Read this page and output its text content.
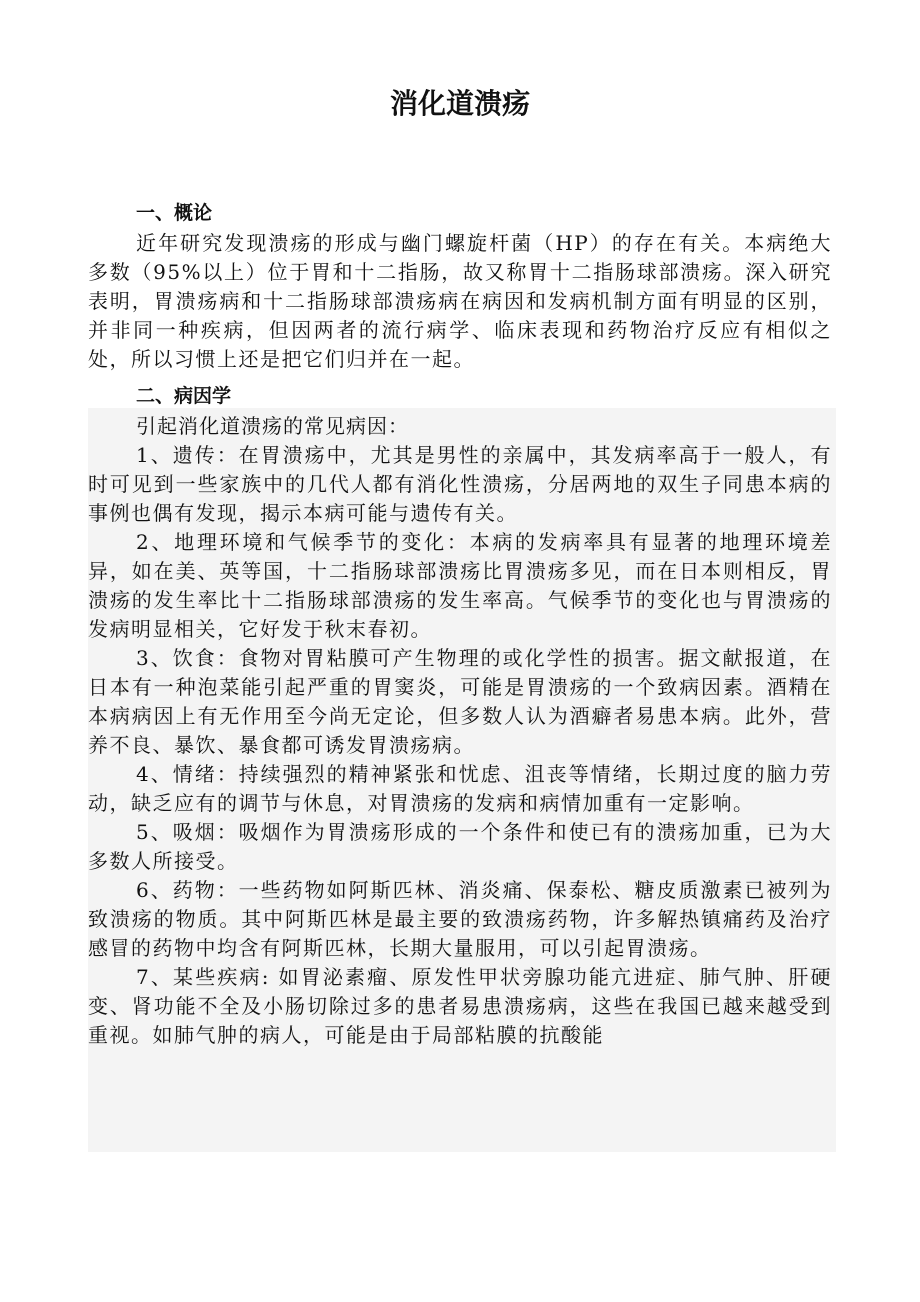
消化道溃疡
一、概论

近年研究发现溃疡的形成与幽门螺旋杆菌（HP）的存在有关。本病绝大多数（95%以上）位于胃和十二指肠，故又称胃十二指肠球部溃疡。深入研究表明，胃溃疡病和十二指肠球部溃疡病在病因和发病机制方面有明显的区别，并非同一种疾病，但因两者的流行病学、临床表现和药物治疗反应有相似之处，所以习惯上还是把它们归并在一起。

二、病因学

引起消化道溃疡的常见病因：

1、遗传：在胃溃疡中，尤其是男性的亲属中，其发病率高于一般人，有时可见到一些家族中的几代人都有消化性溃疡，分居两地的双生子同患本病的事例也偶有发现，揭示本病可能与遗传有关。

2、地理环境和气候季节的变化：本病的发病率具有显著的地理环境差异，如在美、英等国，十二指肠球部溃疡比胃溃疡多见，而在日本则相反，胃溃疡的发生率比十二指肠球部溃疡的发生率高。气候季节的变化也与胃溃疡的发病明显相关，它好发于秋末春初。

3、饮食：食物对胃粘膜可产生物理的或化学性的损害。据文献报道，在日本有一种泡菜能引起严重的胃窦炎，可能是胃溃疡的一个致病因素。酒精在本病病因上有无作用至今尚无定论，但多数人认为酒癖者易患本病。此外，营养不良、暴饮、暴食都可诱发胃溃疡病。

4、情绪：持续强烈的精神紧张和忧虑、沮丧等情绪，长期过度的脑力劳动，缺乏应有的调节与休息，对胃溃疡的发病和病情加重有一定影响。

5、吸烟：吸烟作为胃溃疡形成的一个条件和使已有的溃疡加重，已为大多数人所接受。

6、药物：一些药物如阿斯匹林、消炎痛、保泰松、糖皮质激素已被列为致溃疡的物质。其中阿斯匹林是最主要的致溃疡药物，许多解热镇痛药及治疗感冒的药物中均含有阿斯匹林，长期大量服用，可以引起胃溃疡。

7、某些疾病: 如胃泌素瘤、原发性甲状旁腺功能亢进症、肺气肿、肝硬变、肾功能不全及小肠切除过多的患者易患溃疡病，这些在我国已越来越受到重视。如肺气肿的病人，可能是由于局部粘膜的抗酸能
